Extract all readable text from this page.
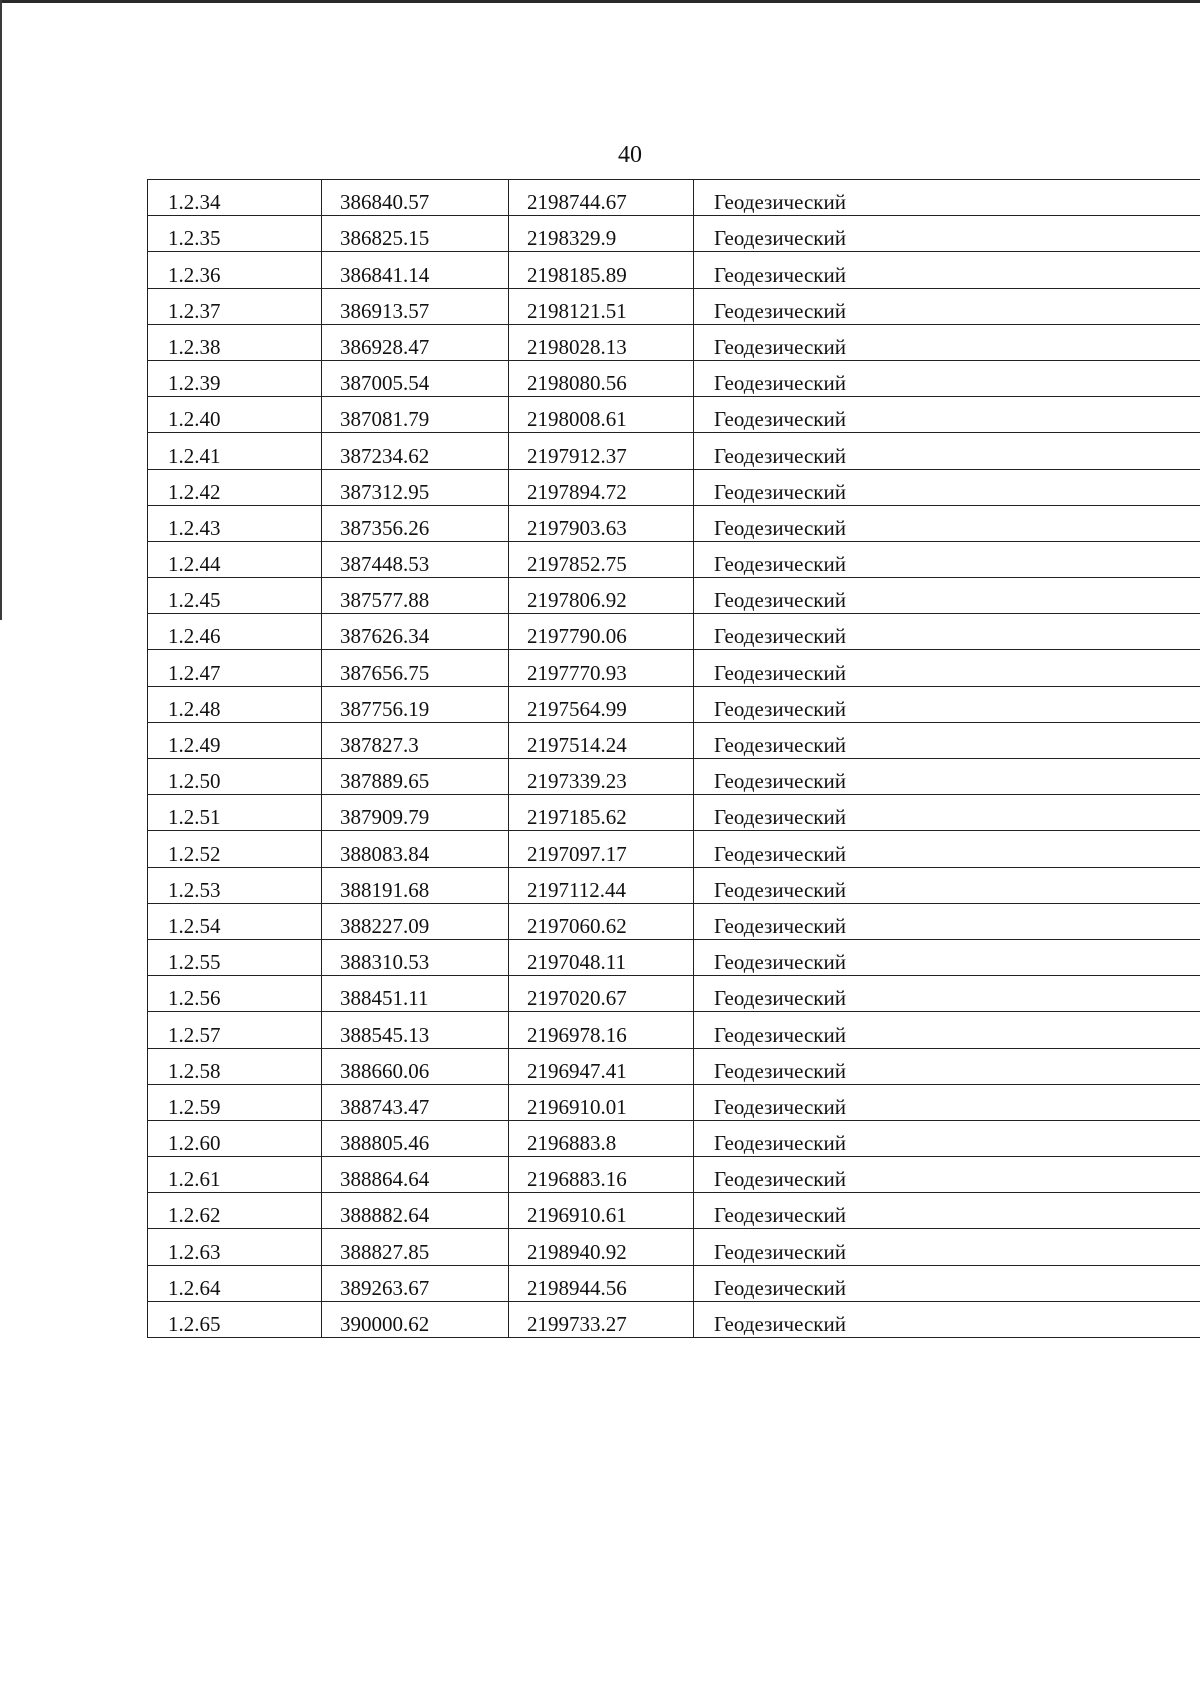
40
1.2.34	386840.57	2198744.67	Геодезический
1.2.35	386825.15	2198329.9	Геодезический
1.2.36	386841.14	2198185.89	Геодезический
1.2.37	386913.57	2198121.51	Геодезический
1.2.38	386928.47	2198028.13	Геодезический
1.2.39	387005.54	2198080.56	Геодезический
1.2.40	387081.79	2198008.61	Геодезический
1.2.41	387234.62	2197912.37	Геодезический
1.2.42	387312.95	2197894.72	Геодезический
1.2.43	387356.26	2197903.63	Геодезический
1.2.44	387448.53	2197852.75	Геодезический
1.2.45	387577.88	2197806.92	Геодезический
1.2.46	387626.34	2197790.06	Геодезический
1.2.47	387656.75	2197770.93	Геодезический
1.2.48	387756.19	2197564.99	Геодезический
1.2.49	387827.3	2197514.24	Геодезический
1.2.50	387889.65	2197339.23	Геодезический
1.2.51	387909.79	2197185.62	Геодезический
1.2.52	388083.84	2197097.17	Геодезический
1.2.53	388191.68	2197112.44	Геодезический
1.2.54	388227.09	2197060.62	Геодезический
1.2.55	388310.53	2197048.11	Геодезический
1.2.56	388451.11	2197020.67	Геодезический
1.2.57	388545.13	2196978.16	Геодезический
1.2.58	388660.06	2196947.41	Геодезический
1.2.59	388743.47	2196910.01	Геодезический
1.2.60	388805.46	2196883.8	Геодезический
1.2.61	388864.64	2196883.16	Геодезический
1.2.62	388882.64	2196910.61	Геодезический
1.2.63	388827.85	2198940.92	Геодезический
1.2.64	389263.67	2198944.56	Геодезический
1.2.65	390000.62	2199733.27	Геодезический
